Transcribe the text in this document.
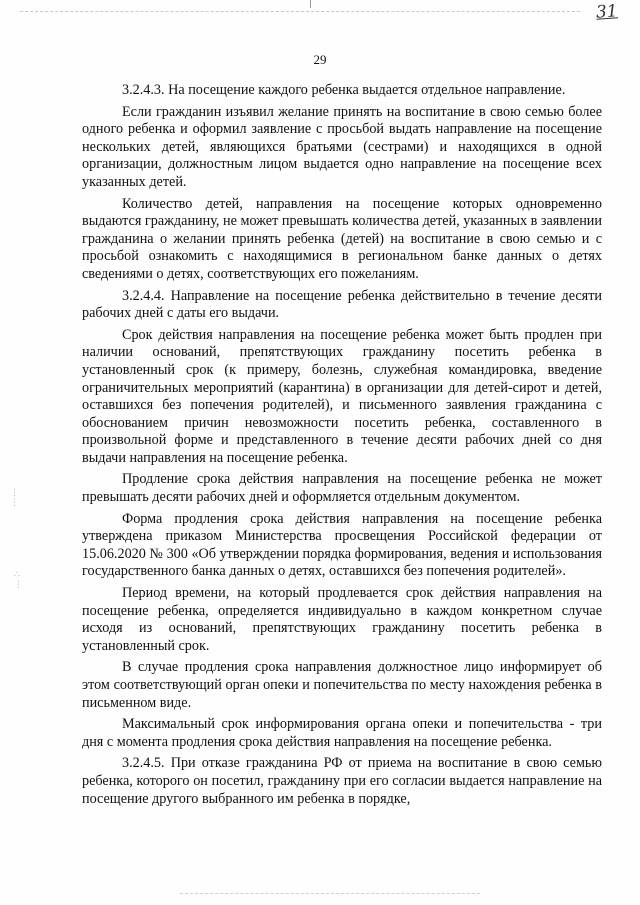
31
29
⋮
⋮
∴
⋮

3.2.4.3. На посещение каждого ребенка выдается отдельное направление.

Если гражданин изъявил желание принять на воспитание в свою семью более одного ребенка и оформил заявление с просьбой выдать направление на посещение нескольких детей, являющихся братьями (сестрами) и находящихся в одной организации, должностным лицом выдается одно направление на посещение всех указанных детей.

Количество детей, направления на посещение которых одновременно выдаются гражданину, не может превышать количества детей, указанных в заявлении гражданина о желании принять ребенка (детей) на воспитание в свою семью и с просьбой ознакомить с находящимися в региональном банке данных о детях сведениями о детях, соответствующих его пожеланиям.

3.2.4.4. Направление на посещение ребенка действительно в течение десяти рабочих дней с даты его выдачи.

Срок действия направления на посещение ребенка может быть продлен при наличии оснований, препятствующих гражданину посетить ребенка в установленный срок (к примеру, болезнь, служебная командировка, введение ограничительных мероприятий (карантина) в организации для детей-сирот и детей, оставшихся без попечения родителей), и письменного заявления гражданина с обоснованием причин невозможности посетить ребенка, составленного в произвольной форме и представленного в течение десяти рабочих дней со дня выдачи направления на посещение ребенка.

Продление срока действия направления на посещение ребенка не может превышать десяти рабочих дней и оформляется отдельным документом.

Форма продления срока действия направления на посещение ребенка утверждена приказом Министерства просвещения Российской федерации от 15.06.2020 № 300 «Об утверждении порядка формирования, ведения и использования государственного банка данных о детях, оставшихся без попечения родителей».

Период времени, на который продлевается срок действия направления на посещение ребенка, определяется индивидуально в каждом конкретном случае исходя из оснований, препятствующих гражданину посетить ребенка в установленный срок.

В случае продления срока направления должностное лицо информирует об этом соответствующий орган опеки и попечительства по месту нахождения ребенка в письменном виде.

Максимальный срок информирования органа опеки и попечительства - три дня с момента продления срока действия направления на посещение ребенка.

3.2.4.5. При отказе гражданина РФ от приема на воспитание в свою семью ребенка, которого он посетил, гражданину при его согласии выдается направление на посещение другого выбранного им ребенка в порядке,
